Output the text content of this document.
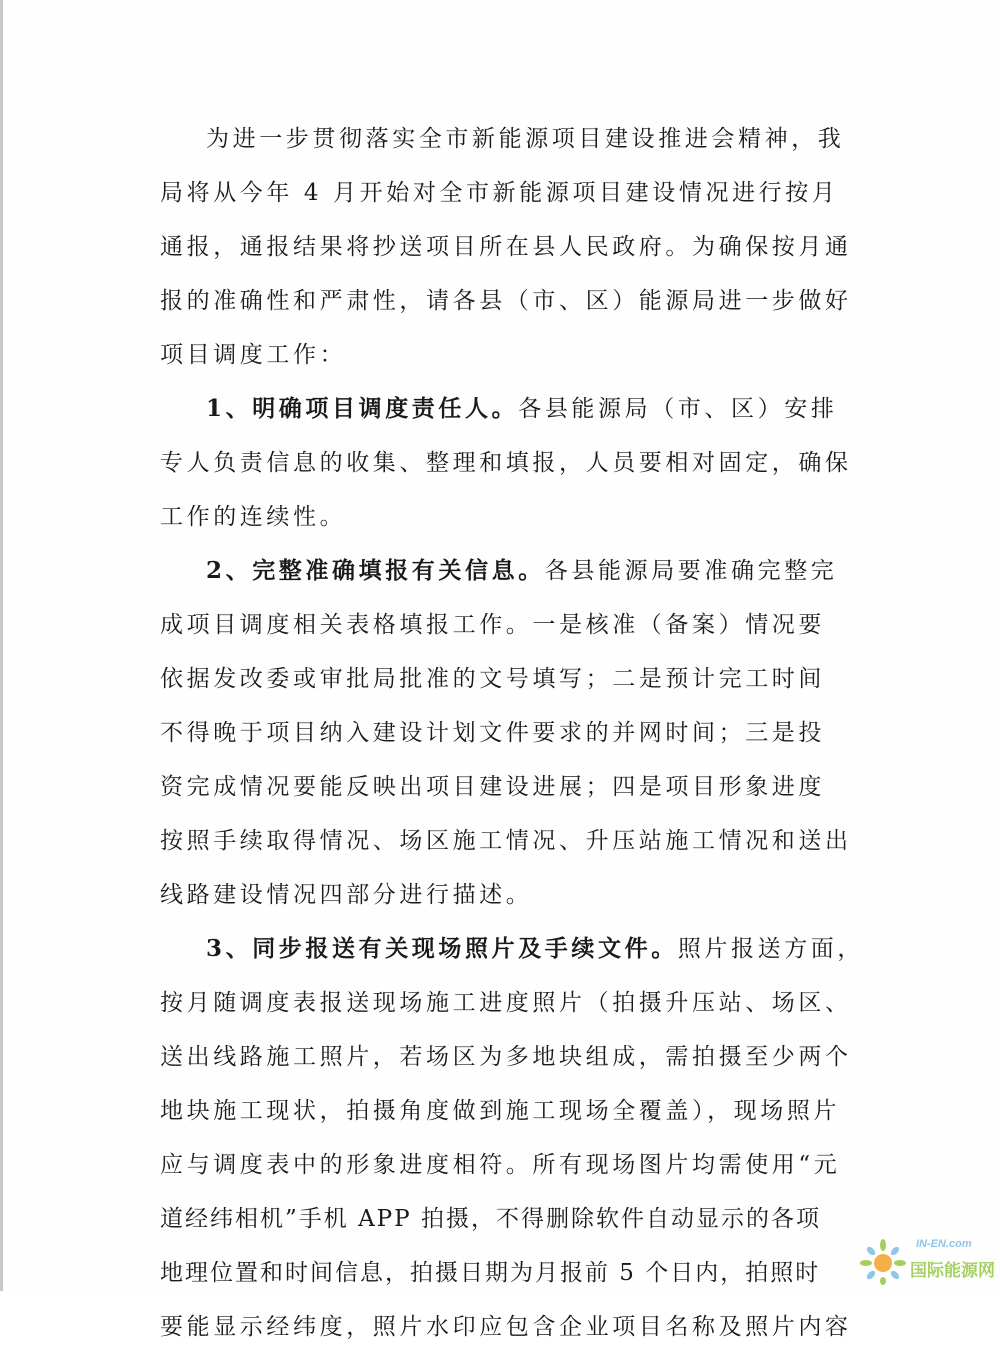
为进一步贯彻落实全市新能源项目建设推进会精神，我
局将从今年 4 月开始对全市新能源项目建设情况进行按月
通报，通报结果将抄送项目所在县人民政府。为确保按月通
报的准确性和严肃性，请各县（市、区）能源局进一步做好
项目调度工作：
1、明确项目调度责任人。各县能源局（市、区）安排
专人负责信息的收集、整理和填报，人员要相对固定，确保
工作的连续性。
2、完整准确填报有关信息。各县能源局要准确完整完
成项目调度相关表格填报工作。一是核准（备案）情况要
依据发改委或审批局批准的文号填写；二是预计完工时间
不得晚于项目纳入建设计划文件要求的并网时间；三是投
资完成情况要能反映出项目建设进展；四是项目形象进度
按照手续取得情况、场区施工情况、升压站施工情况和送出
线路建设情况四部分进行描述。
3、同步报送有关现场照片及手续文件。照片报送方面，
按月随调度表报送现场施工进度照片（拍摄升压站、场区、
送出线路施工照片，若场区为多地块组成，需拍摄至少两个
地块施工现状，拍摄角度做到施工现场全覆盖），现场照片
应与调度表中的形象进度相符。所有现场图片均需使用“元
道经纬相机”手机 APP 拍摄，不得删除软件自动显示的各项
地理位置和时间信息，拍摄日期为月报前 5 个日内，拍照时
要能显示经纬度，照片水印应包含企业项目名称及照片内容
IN-EN.com
国际能源网
